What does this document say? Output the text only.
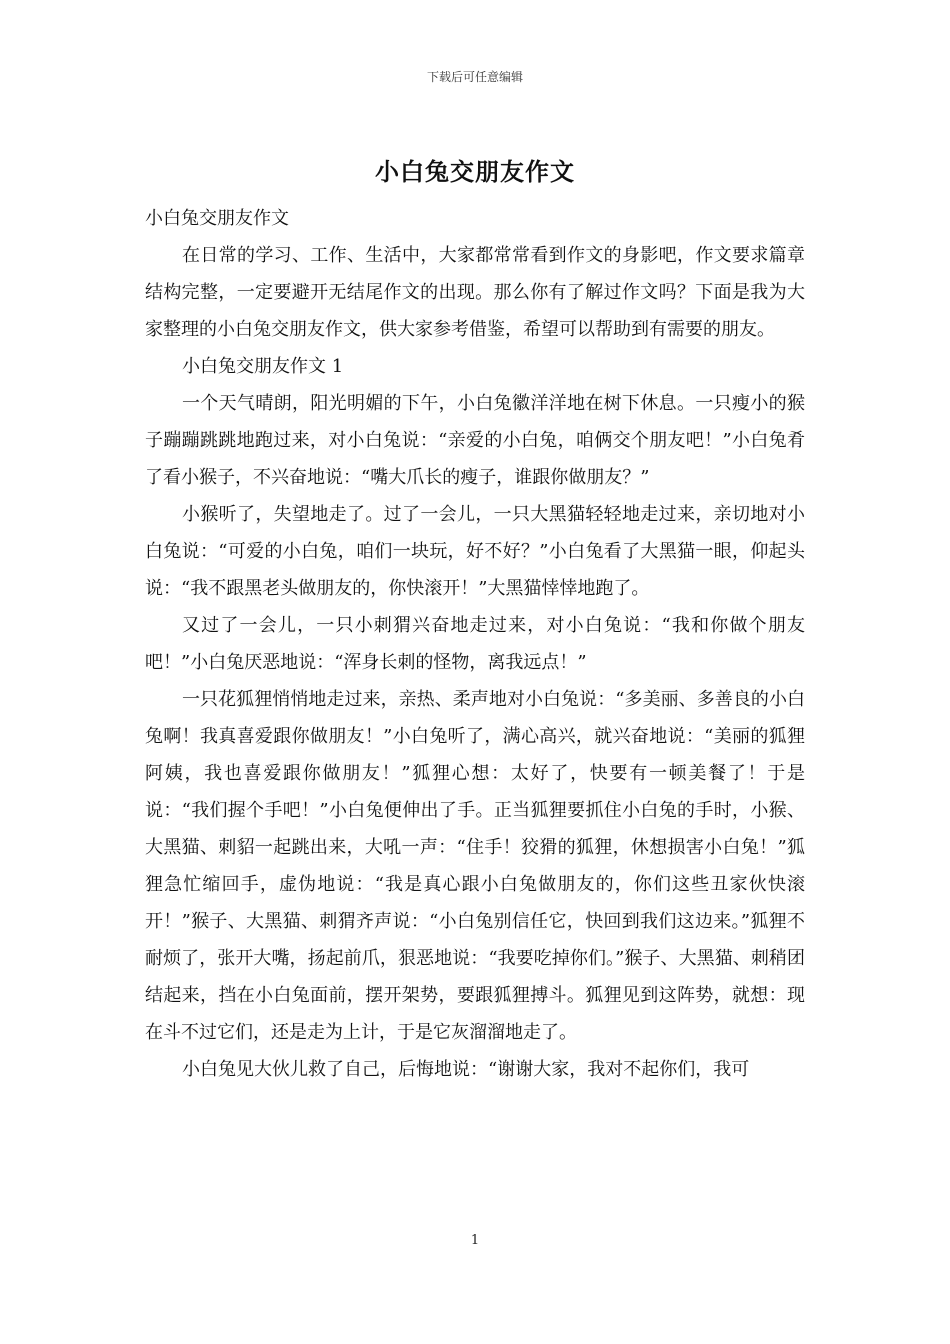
下载后可任意编辑
小白兔交朋友作文

小白兔交朋友作文

在日常的学习、工作、生活中，大家都常常看到作文的身影吧，作文要求篇章结构完整，一定要避开无结尾作文的出现。那么你有了解过作文吗？下面是我为大家整理的小白兔交朋友作文，供大家参考借鉴，希望可以帮助到有需要的朋友。

小白兔交朋友作文 1

一个天气晴朗，阳光明媚的下午，小白兔徽洋洋地在树下休息。一只瘦小的猴子蹦蹦跳跳地跑过来，对小白兔说：“亲爱的小白兔，咱俩交个朋友吧！”小白兔肴了看小猴子，不兴奋地说：“嘴大爪长的瘦子，谁跟你做朋友？”

小猴听了，失望地走了。过了一会儿，一只大黑猫轻轻地走过来，亲切地对小白兔说：“可爱的小白兔，咱们一块玩，好不好？”小白兔看了大黑猫一眼，仰起头说：“我不跟黑老头做朋友的，你快滚开！”大黑猫悻悻地跑了。

又过了一会儿，一只小刺猬兴奋地走过来，对小白兔说：“我和你做个朋友吧！”小白兔厌恶地说：“浑身长刺的怪物，离我远点！”

一只花狐狸悄悄地走过来，亲热、柔声地对小白兔说：“多美丽、多善良的小白兔啊！我真喜爱跟你做朋友！”小白兔听了，满心高兴，就兴奋地说：“美丽的狐狸阿姨，我也喜爱跟你做朋友！”狐狸心想：太好了，快要有一顿美餐了！于是说：“我们握个手吧！”小白兔便伸出了手。正当狐狸要抓住小白兔的手时，小猴、大黑猫、刺貂一起跳出来，大吼一声：“住手！狡猾的狐狸，休想损害小白兔！”狐狸急忙缩回手，虚伪地说：“我是真心跟小白兔做朋友的，你们这些丑家伙快滚开！”猴子、大黑猫、刺猬齐声说：“小白兔别信任它，快回到我们这边来。”狐狸不耐烦了，张开大嘴，扬起前爪，狠恶地说：“我要吃掉你们。”猴子、大黑猫、刺稍团结起来，挡在小白兔面前，摆开架势，要跟狐狸搏斗。狐狸见到这阵势，就想：现在斗不过它们，还是走为上计，于是它灰溜溜地走了。

小白兔见大伙儿救了自己，后悔地说：“谢谢大家，我对不起你们，我可

1
